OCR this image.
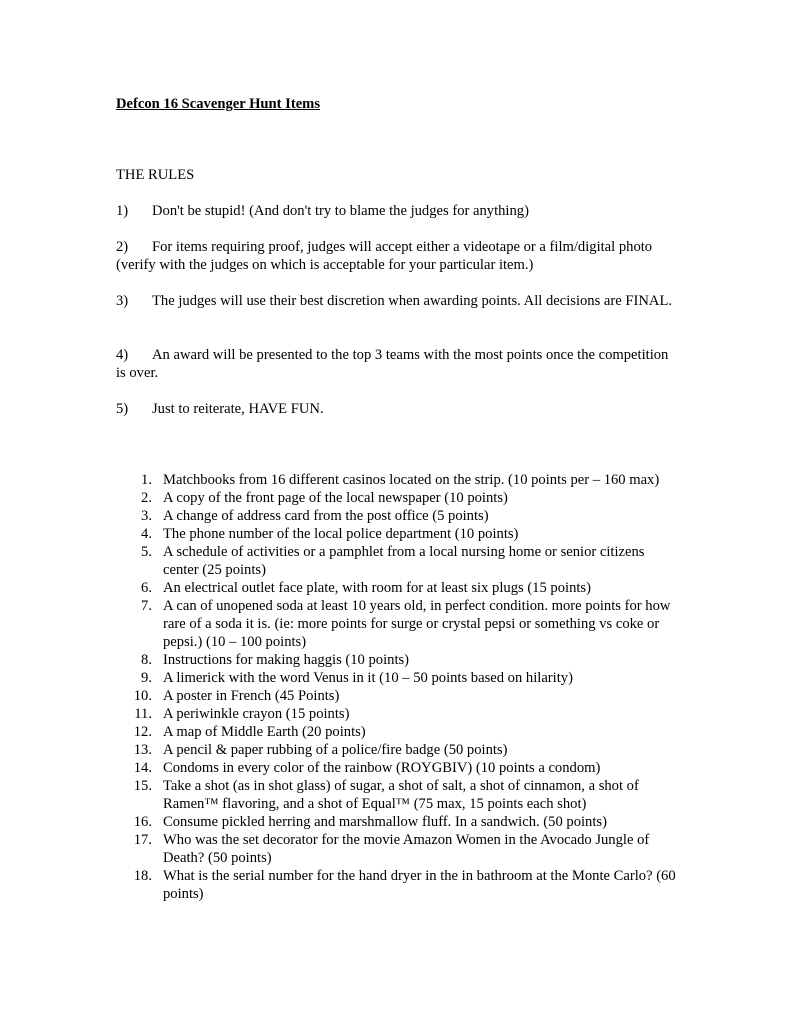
Defcon 16 Scavenger Hunt Items
THE RULES
1) Don't be stupid! (And don't try to blame the judges for anything)
2) For items requiring proof, judges will accept either a videotape or a film/digital photo (verify with the judges on which is acceptable for your particular item.)
3) The judges will use their best discretion when awarding points. All decisions are FINAL.
4) An award will be presented to the top 3 teams with the most points once the competition is over.
5) Just to reiterate, HAVE FUN.
1. Matchbooks from 16 different casinos located on the strip. (10 points per – 160 max)
2. A copy of the front page of the local newspaper (10 points)
3. A change of address card from the post office (5 points)
4. The phone number of the local police department (10 points)
5. A schedule of activities or a pamphlet from a local nursing home or senior citizens center (25 points)
6. An electrical outlet face plate, with room for at least six plugs (15 points)
7. A can of unopened soda at least 10 years old, in perfect condition. more points for how rare of a soda it is. (ie: more points for surge or crystal pepsi or something vs coke or pepsi.) (10 – 100 points)
8. Instructions for making haggis (10 points)
9. A limerick with the word Venus in it (10 – 50 points based on hilarity)
10. A poster in French (45 Points)
11. A periwinkle crayon (15 points)
12. A map of Middle Earth (20 points)
13. A pencil & paper rubbing of a police/fire badge (50 points)
14. Condoms in every color of the rainbow (ROYGBIV) (10 points a condom)
15. Take a shot (as in shot glass) of sugar, a shot of salt, a shot of cinnamon, a shot of Ramen™ flavoring, and a shot of Equal™ (75 max, 15 points each shot)
16. Consume pickled herring and marshmallow fluff. In a sandwich. (50 points)
17. Who was the set decorator for the movie Amazon Women in the Avocado Jungle of Death? (50 points)
18. What is the serial number for the hand dryer in the in bathroom at the Monte Carlo? (60 points)
